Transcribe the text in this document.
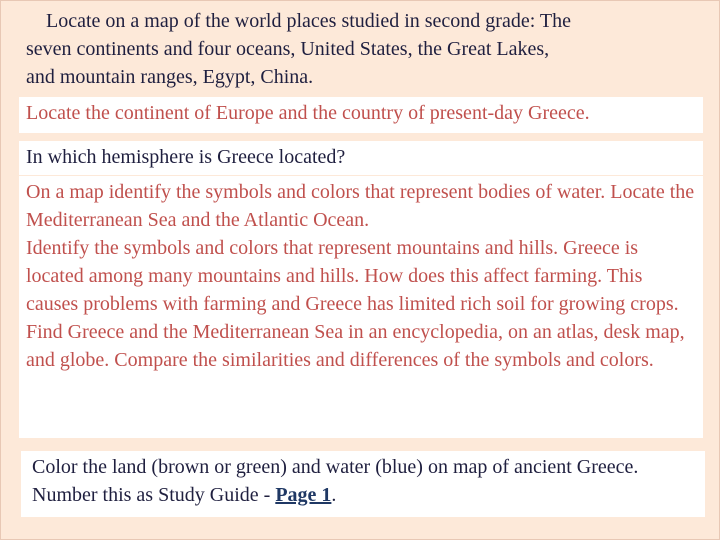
Locate on a map of the world places studied in second grade: The
seven continents and four oceans, United States, the Great Lakes,
and mountain ranges, Egypt, China.

Locate the continent of Europe and the country of present-day Greece.

In which hemisphere is Greece located?

On a map identify the symbols and colors that represent bodies of water. Locate the Mediterranean Sea and the Atlantic Ocean.

Identify the symbols and colors that represent mountains and hills. Greece is located among many mountains and hills. How does this affect farming. This causes problems with farming and Greece has limited rich soil for growing crops.

Find Greece and the Mediterranean Sea in an encyclopedia, on an atlas, desk map, and globe. Compare the similarities and differences of the symbols and colors.

Color the land (brown or green) and water (blue) on map of ancient Greece. Number this as Study Guide - Page 1.
